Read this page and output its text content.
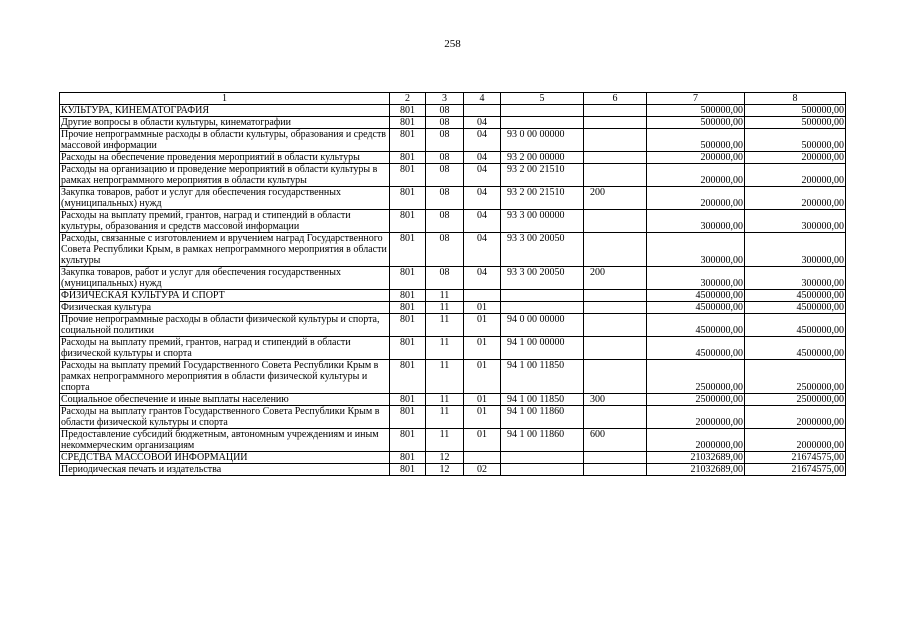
258
1	2	3	4	5	6	7	8
КУЛЬТУРА, КИНЕМАТОГРАФИЯ	801	08				500000,00	500000,00
Другие вопросы в области культуры, кинематографии	801	08	04			500000,00	500000,00
Прочие непрограммные расходы в области культуры, образования и средств массовой информации	801	08	04	93 0 00 00000		500000,00	500000,00
Расходы на обеспечение проведения мероприятий в области культуры	801	08	04	93 2 00 00000		200000,00	200000,00
Расходы на организацию и проведение мероприятий в области культуры в рамках непрограммного мероприятия в области культуры	801	08	04	93 2 00 21510		200000,00	200000,00
Закупка товаров, работ и услуг для обеспечения государственных (муниципальных) нужд	801	08	04	93 2 00 21510	200	200000,00	200000,00
Расходы на выплату премий, грантов, наград и стипендий в области культуры, образования и средств массовой информации	801	08	04	93 3 00 00000		300000,00	300000,00
Расходы, связанные с изготовлением и вручением наград Государственного Совета Республики Крым, в рамках непрограммного мероприятия в области культуры	801	08	04	93 3 00 20050		300000,00	300000,00
Закупка товаров, работ и услуг для обеспечения государственных (муниципальных) нужд	801	08	04	93 3 00 20050	200	300000,00	300000,00
ФИЗИЧЕСКАЯ КУЛЬТУРА И СПОРТ	801	11				4500000,00	4500000,00
Физическая культура	801	11	01			4500000,00	4500000,00
Прочие непрограммные расходы в области физической культуры и спорта, социальной политики	801	11	01	94 0 00 00000		4500000,00	4500000,00
Расходы на выплату премий, грантов, наград и стипендий в области физической культуры и спорта	801	11	01	94 1 00 00000		4500000,00	4500000,00
Расходы на выплату премий Государственного Совета Республики Крым в рамках непрограммного мероприятия в области физической культуры и спорта	801	11	01	94 1 00 11850		2500000,00	2500000,00
Социальное обеспечение и иные выплаты населению	801	11	01	94 1 00 11850	300	2500000,00	2500000,00
Расходы на выплату грантов Государственного Совета Республики Крым в области физической культуры и спорта	801	11	01	94 1 00 11860		2000000,00	2000000,00
Предоставление субсидий бюджетным, автономным учреждениям и иным некоммерческим организациям	801	11	01	94 1 00 11860	600	2000000,00	2000000,00
СРЕДСТВА МАССОВОЙ ИНФОРМАЦИИ	801	12				21032689,00	21674575,00
Периодическая печать и издательства	801	12	02			21032689,00	21674575,00
